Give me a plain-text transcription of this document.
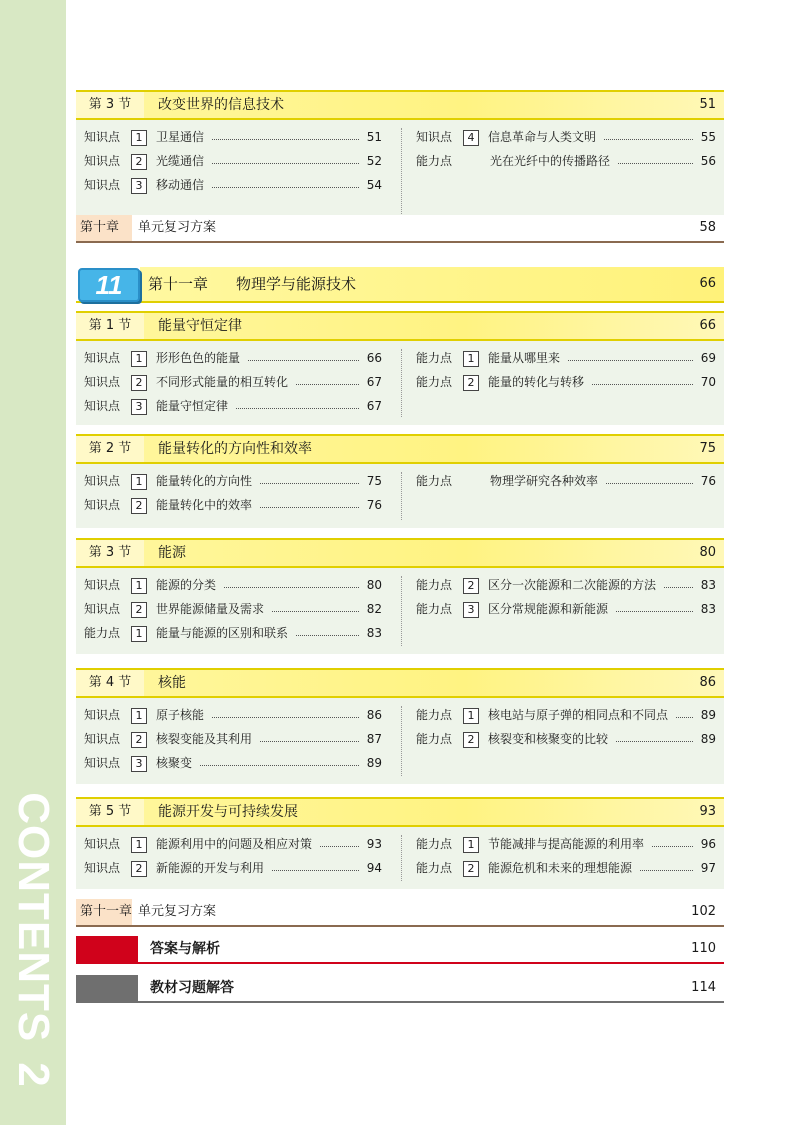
CONTENTS2
第 3 节	改变世界的信息技术	51
知识点	1	卫星通信	51
知识点	2	光缆通信	52
知识点	3	移动通信	54
知识点	4	信息革命与人类文明	55
能力点	光在光纤中的传播路径	56
第十章 单元复习方案	58
11	第十一章 物理学与能源技术	66
第 1 节	能量守恒定律	66
知识点	1	形形色色的能量	66
知识点	2	不同形式能量的相互转化	67
知识点	3	能量守恒定律	67
能力点	1	能量从哪里来	69
能力点	2	能量的转化与转移	70
第 2 节	能量转化的方向性和效率	75
知识点	1	能量转化的方向性	75
知识点	2	能量转化中的效率	76
能力点	物理学研究各种效率	76
第 3 节	能源	80
知识点	1	能源的分类	80
知识点	2	世界能源储量及需求	82
能力点	1	能量与能源的区别和联系	83
能力点	2	区分一次能源和二次能源的方法	83
能力点	3	区分常规能源和新能源	83
第 4 节	核能	86
知识点	1	原子核能	86
知识点	2	核裂变能及其利用	87
知识点	3	核聚变	89
能力点	1	核电站与原子弹的相同点和不同点	89
能力点	2	核裂变和核聚变的比较	89
第 5 节	能源开发与可持续发展	93
知识点	1	能源利用中的问题及相应对策	93
知识点	2	新能源的开发与利用	94
能力点	1	节能减排与提高能源的利用率	96
能力点	2	能源危机和未来的理想能源	97
第十一章 单元复习方案	102
答案与解析	110
教材习题解答	114
